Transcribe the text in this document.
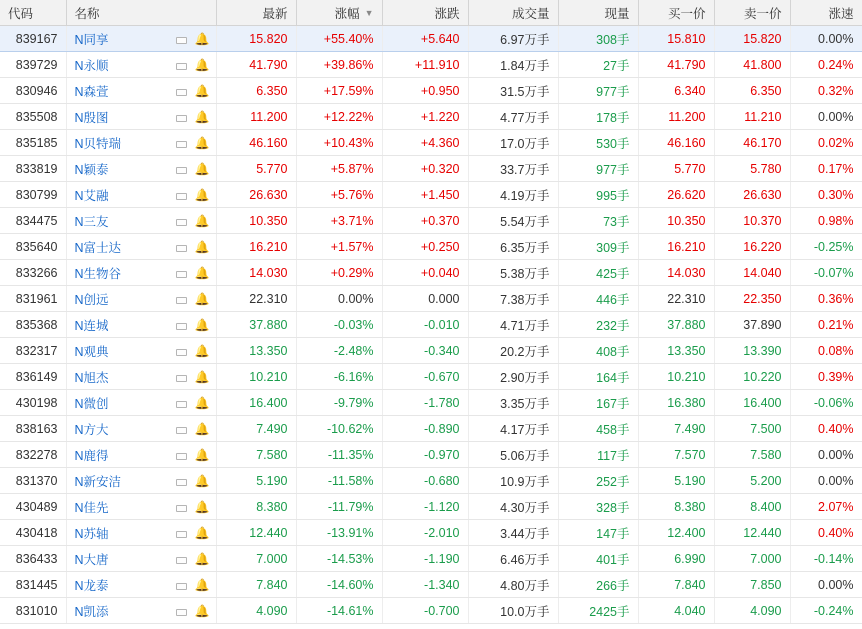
代码	名称	最新	涨幅 ▼	涨跌	成交量	现量	买一价	卖一价	涨速
839167	N同享 🔔	15.820	+55.40%	+5.640	6.97万手	308手	15.810	15.820	0.00%
839729	N永顺 🔔	41.790	+39.86%	+11.910	1.84万手	27手	41.790	41.800	0.24%
830946	N森萱 🔔	6.350	+17.59%	+0.950	31.5万手	977手	6.340	6.350	0.32%
835508	N殷图 🔔	11.200	+12.22%	+1.220	4.77万手	178手	11.200	11.210	0.00%
835185	N贝特瑞 🔔	46.160	+10.43%	+4.360	17.0万手	530手	46.160	46.170	0.02%
833819	N颖泰 🔔	5.770	+5.87%	+0.320	33.7万手	977手	5.770	5.780	0.17%
830799	N艾融 🔔	26.630	+5.76%	+1.450	4.19万手	995手	26.620	26.630	0.30%
834475	N三友 🔔	10.350	+3.71%	+0.370	5.54万手	73手	10.350	10.370	0.98%
835640	N富士达 🔔	16.210	+1.57%	+0.250	6.35万手	309手	16.210	16.220	-0.25%
833266	N生物谷 🔔	14.030	+0.29%	+0.040	5.38万手	425手	14.030	14.040	-0.07%
831961	N创远 🔔	22.310	0.00%	0.000	7.38万手	446手	22.310	22.350	0.36%
835368	N连城 🔔	37.880	-0.03%	-0.010	4.71万手	232手	37.880	37.890	0.21%
832317	N观典 🔔	13.350	-2.48%	-0.340	20.2万手	408手	13.350	13.390	0.08%
836149	N旭杰 🔔	10.210	-6.16%	-0.670	2.90万手	164手	10.210	10.220	0.39%
430198	N微创 🔔	16.400	-9.79%	-1.780	3.35万手	167手	16.380	16.400	-0.06%
838163	N方大 🔔	7.490	-10.62%	-0.890	4.17万手	458手	7.490	7.500	0.40%
832278	N鹿得 🔔	7.580	-11.35%	-0.970	5.06万手	117手	7.570	7.580	0.00%
831370	N新安洁 🔔	5.190	-11.58%	-0.680	10.9万手	252手	5.190	5.200	0.00%
430489	N佳先 🔔	8.380	-11.79%	-1.120	4.30万手	328手	8.380	8.400	2.07%
430418	N苏轴 🔔	12.440	-13.91%	-2.010	3.44万手	147手	12.400	12.440	0.40%
836433	N大唐 🔔	7.000	-14.53%	-1.190	6.46万手	401手	6.990	7.000	-0.14%
831445	N龙泰 🔔	7.840	-14.60%	-1.340	4.80万手	266手	7.840	7.850	0.00%
831010	N凯添 🔔	4.090	-14.61%	-0.700	10.0万手	2425手	4.040	4.090	-0.24%
